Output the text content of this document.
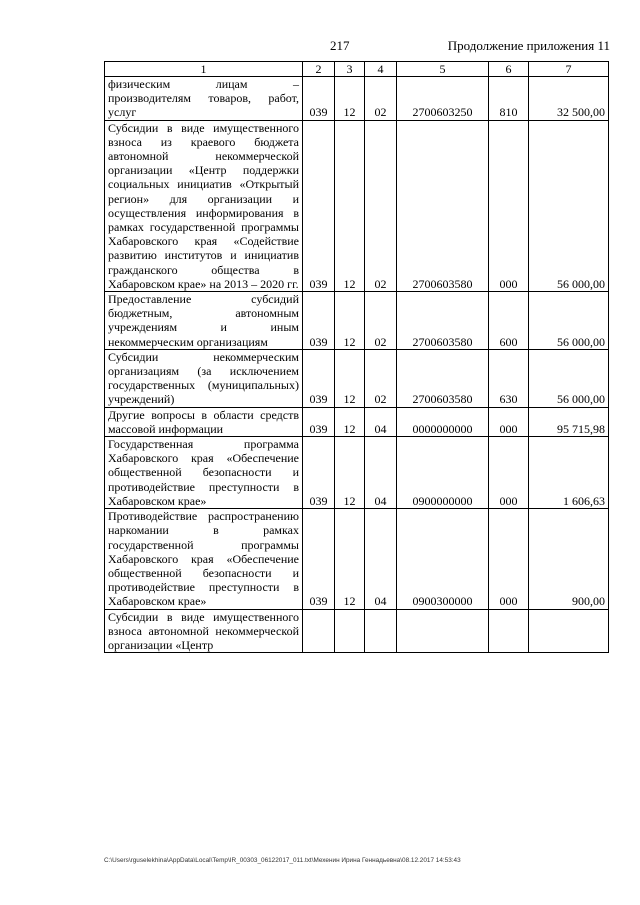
217	Продолжение приложения 11
1	2	3	4	5	6	7
физическим лицам – производителям товаров, работ, услуг	039	12	02	2700603250	810	32 500,00
Субсидии в виде имущественного взноса из краевого бюджета автономной некоммерческой организации «Центр поддержки социальных инициатив «Открытый регион» для организации и осуществления информирования в рамках государственной программы Хабаровского края «Содействие развитию институтов и инициатив гражданского общества в Хабаровском крае» на 2013 – 2020 гг.	039	12	02	2700603580	000	56 000,00
Предоставление субсидий бюджетным, автономным учреждениям и иным некоммерческим организациям	039	12	02	2700603580	600	56 000,00
Субсидии некоммерческим организациям (за исключением государственных (муниципальных) учреждений)	039	12	02	2700603580	630	56 000,00
Другие вопросы в области средств массовой информации	039	12	04	0000000000	000	95 715,98
Государственная программа Хабаровского края «Обеспечение общественной безопасности и противодействие преступности в Хабаровском крае»	039	12	04	0900000000	000	1 606,63
Противодействие распространению наркомании в рамках государственной программы Хабаровского края «Обеспечение общественной безопасности и противодействие преступности в Хабаровском крае»	039	12	04	0900300000	000	900,00
Субсидии в виде имущественного взноса автономной некоммерческой организации «Центр						
C:\Users\rguselekhina\AppData\Local\Temp\IR_00303_06122017_011.txt\Мехенин Ирина Геннадьевна\08.12.2017 14:53:43
